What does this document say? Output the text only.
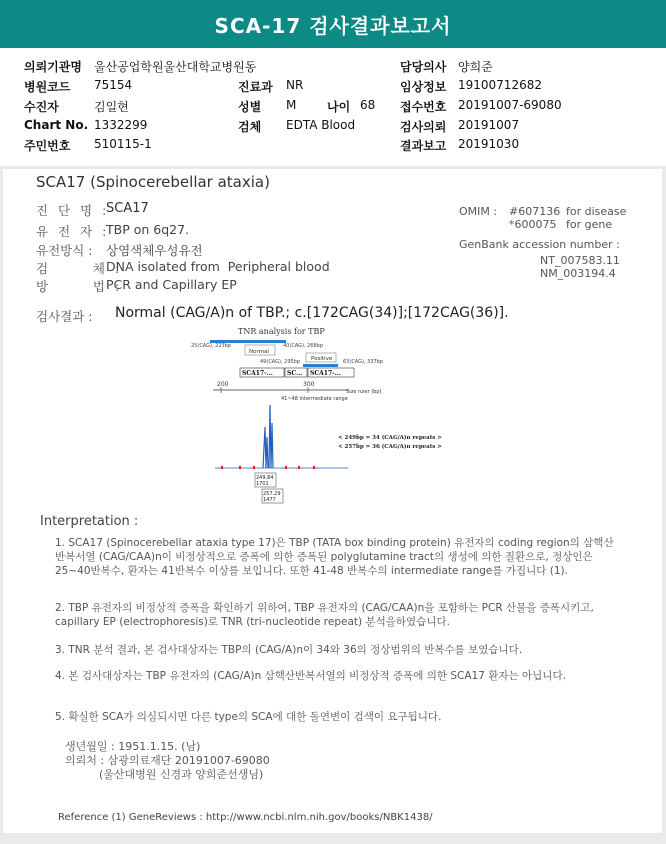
SCA-17 검사결과보고서
의뢰기관명 울산공업학원울산대학교병원동
병원코드 75154
수진자	김일현
Chart No. 1332299
주민번호 510115-1
진료과 NR
성별 M	나이 68
검체 EDTA Blood
담당의사 양희준
임상정보 19100712682
접수번호 20191007-69080
검사의뢰 20191007
결과보고 20191030
SCA17 (Spinocerebellar ataxia)
진 단 명 :
SCA17
유 전 자 :
TBP on 6q27.
유전방식 : 상염색체우성유전
검      체 :
DNA isolated from  Peripheral blood
방      법 :
PCR and Capillary EP
OMIM : #607136 for disease
*600075 for gene
GenBank accession number :
NT_007583.11
NM_003194.4
검사결과 : Normal (CAG/A)n of TBP.; c.[172CAG(34)];[172CAG(36)].
TNR analysis for TBP
25(CAG), 223bp
Normal
40(CAG), 268bp
49(CAG), 295bp Positive 63(CAG), 337bp
SCA17-... SC... SCA17-...
200	300
Size ruler (bp)
41~48 intermediate range
249.84
1701
257.29
1477
< 249bp = 34 (CAG/A)n repeats >
< 257bp = 36 (CAG/A)n repeats >
Interpretation :
1. SCA17 (Spinocerebellar ataxia type 17)은 TBP (TATA box binding protein) 유전자의 coding region의 삼핵산반복서열 (CAG/CAA)n이 비정상적으로 증폭에 의한 증폭된 polyglutamine tract의 생성에 의한 질환으로, 정상인은 25~40반복수, 환자는 41반복수 이상를 보입니다. 또한 41-48 반복수의 intermediate range를 가집니다 (1).
2. TBP 유전자의 비정상적 증폭을 확인하기 위하여, TBP 유전자의 (CAG/CAA)n을 포함하는 PCR 산물을 증폭시키고, capillary EP (electrophoresis)로 TNR (tri-nucleotide repeat) 분석을하였습니다.
3. TNR 분석 결과, 본 검사대상자는 TBP의 (CAG/A)n이 34와 36의 정상범위의 반복수를 보였습니다.
4. 본 검사대상자는 TBP 유전자의 (CAG/A)n 삼핵산반복서열의 비정상적 증폭에 의한 SCA17 환자는 아닙니다.
5. 확실한 SCA가 의심되시면 다른 type의 SCA에 대한 돌연변이 검색이 요구됩니다.
생년월일 : 1951.1.15. (남)
의뢰처 : 삼광의료재단 20191007-69080
(울산대병원 신경과 양희준선생님)
Reference (1) GeneReviews : http://www.ncbi.nlm.nih.gov/books/NBK1438/
